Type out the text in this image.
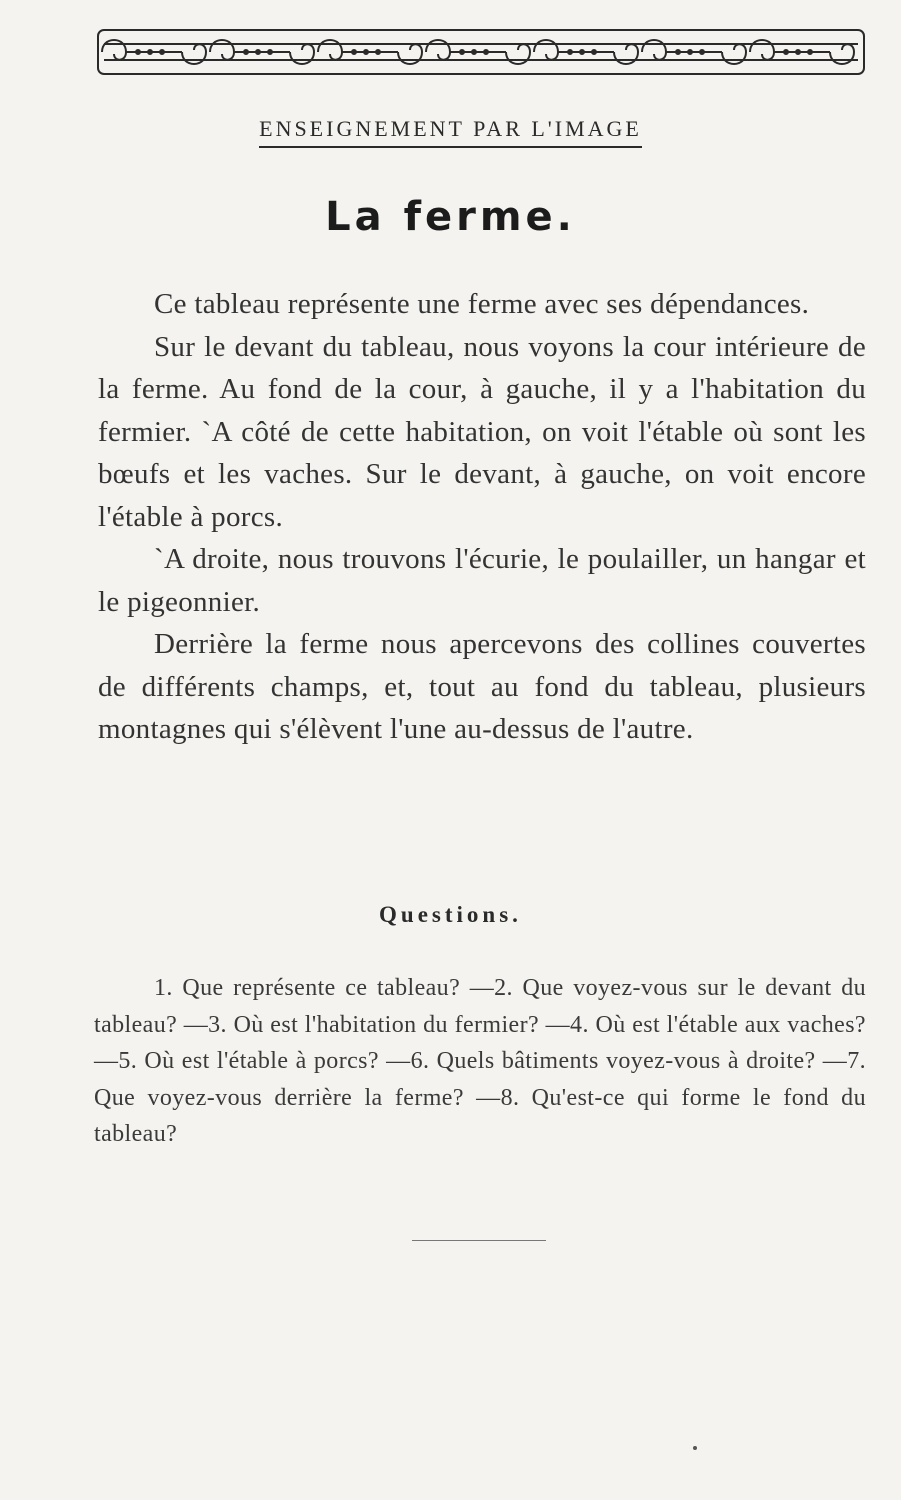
ENSEIGNEMENT PAR L'IMAGE
La ferme.

Ce tableau représente une ferme avec ses dépendances.

Sur le devant du tableau, nous voyons la cour intérieure de la ferme. Au fond de la cour, à gauche, il y a l'habitation du fermier. `A côté de cette habitation, on voit l'étable où sont les bœufs et les vaches. Sur le devant, à gauche, on voit encore l'étable à porcs.

`A droite, nous trouvons l'écurie, le poulailler, un hangar et le pigeonnier.

Derrière la ferme nous apercevons des collines couvertes de différents champs, et, tout au fond du tableau, plusieurs montagnes qui s'élèvent l'une au-dessus de l'autre.

Questions.
1. Que représente ce tableau? —2. Que voyez-vous sur le devant du tableau? —3. Où est l'habitation du fermier? —4. Où est l'étable aux vaches? —5. Où est l'étable à porcs? —6. Quels bâtiments voyez-vous à droite? —7. Que voyez-vous derrière la ferme? —8. Qu'est-ce qui forme le fond du tableau?
